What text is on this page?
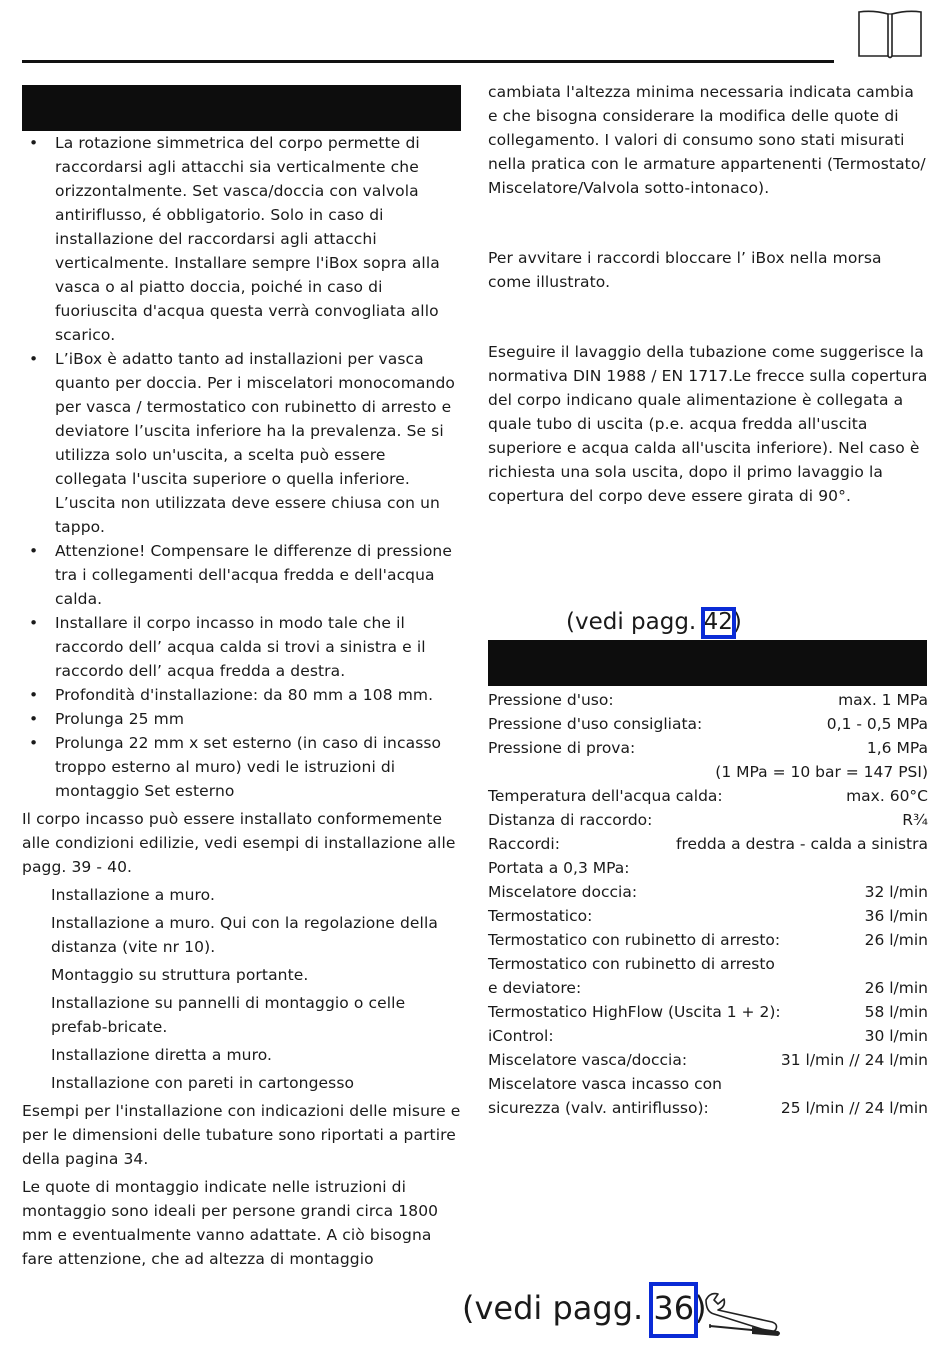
• La rotazione simmetrica del corpo permette di raccordarsi agli attacchi sia verticalmente che orizzontalmente. Set vasca/doccia con valvola antiriflusso, é obbligatorio. Solo in caso di installazione del raccordarsi agli attacchi verticalmente. Installare sempre l'iBox sopra alla vasca o al piatto doccia, poiché in caso di fuoriuscita d'acqua questa verrà convogliata allo scarico.
• L’iBox è adatto tanto ad installazioni per vasca quanto per doccia. Per i miscelatori monocomando per vasca / termostatico con rubinetto di arresto e deviatore l’uscita inferiore ha la prevalenza. Se si utilizza solo un'uscita, a scelta può essere collegata l'uscita superiore o quella inferiore. L’uscita non utilizzata deve essere chiusa con un tappo.
• Attenzione! Compensare le differenze di pressione tra i collegamenti dell'acqua fredda e dell'acqua calda.
• Installare il corpo incasso in modo tale che il raccordo dell’ acqua calda si trovi a sinistra e il raccordo dell’ acqua fredda a destra.
• Profondità d'installazione: da 80 mm a 108 mm.
• Prolunga 25 mm
• Prolunga 22 mm x set esterno (in caso di incasso troppo esterno al muro) vedi le istruzioni di montaggio Set esterno

Il corpo incasso può essere installato conformemente alle condizioni edilizie, vedi esempi di installazione alle pagg. 39 - 40.

Installazione a muro.
Installazione a muro. Qui con la regolazione della distanza (vite nr 10).
Montaggio su struttura portante.
Installazione su pannelli di montaggio o celle prefab-bricate.
Installazione diretta a muro.
Installazione con pareti in cartongesso

Esempi per l'installazione con indicazioni delle misure e per le dimensioni delle tubature sono riportati a partire della pagina 34.

Le quote di montaggio indicate nelle istruzioni di montaggio sono ideali per persone grandi circa 1800 mm e eventualmente vanno adattate. A ciò bisogna fare attenzione, che ad altezza di montaggio

cambiata l'altezza minima necessaria indicata cambia e che bisogna considerare la modifica delle quote di collegamento. I valori di consumo sono stati misurati nella pratica con le armature appartenenti (Termostato/ Miscelatore/Valvola sotto-intonaco).

Per avvitare i raccordi bloccare l’ iBox nella morsa come illustrato.

Eseguire il lavaggio della tubazione come suggerisce la normativa DIN 1988 / EN 1717.Le frecce sulla copertura del corpo indicano quale alimentazione è collegata a quale tubo di uscita (p.e. acqua fredda all'uscita superiore e acqua calda all'uscita inferiore). Nel caso è richiesta una sola uscita, dopo il primo lavaggio la copertura del corpo deve essere girata di 90°.

(vedi pagg. 42)
Pressione d'uso:	max. 1 MPa
Pressione d'uso consigliata:	0,1 - 0,5 MPa
Pressione di prova:	1,6 MPa
(1 MPa = 10 bar = 147 PSI)
Temperatura dell'acqua calda:	max. 60°C
Distanza di raccordo:	R¾
Raccordi:	fredda a destra - calda a sinistra
Portata a 0,3 MPa:
Miscelatore doccia:	32 l/min
Termostatico:	36 l/min
Termostatico con rubinetto di arresto:	26 l/min
Termostatico con rubinetto di arresto
e deviatore:	26 l/min
Termostatico HighFlow (Uscita 1 + 2):	58 l/min
iControl:	30 l/min
Miscelatore vasca/doccia:	31 l/min // 24 l/min
Miscelatore vasca incasso con
sicurezza (valv. antiriflusso):	25 l/min // 24 l/min
(vedi pagg. 36)
